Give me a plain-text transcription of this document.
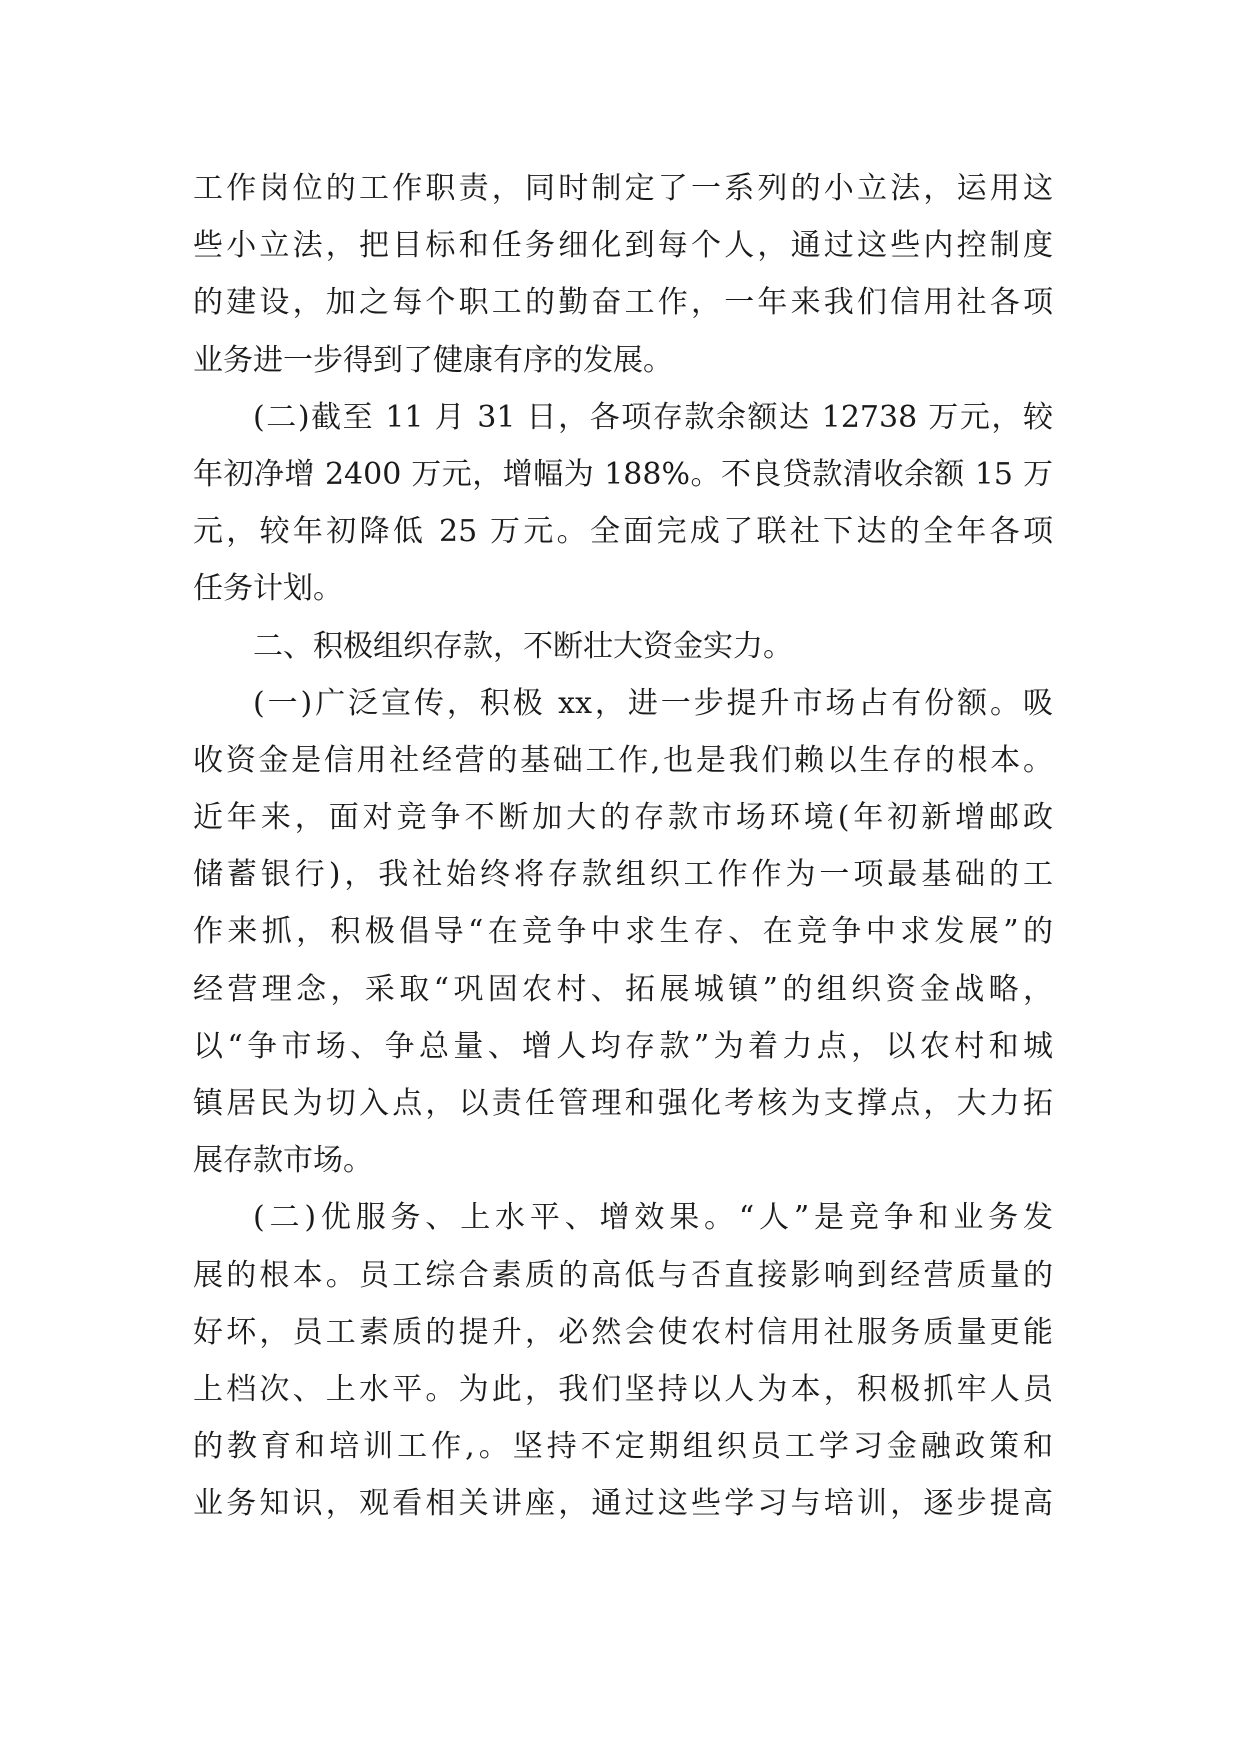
工作岗位的工作职责，同时制定了一系列的小立法，运用这
些小立法，把目标和任务细化到每个人，通过这些内控制度
的建设，加之每个职工的勤奋工作，一年来我们信用社各项
业务进一步得到了健康有序的发展。
(二)截至 11 月 31 日，各项存款余额达 12738 万元，较
年初净增 2400 万元，增幅为 188%。不良贷款清收余额 15 万
元，较年初降低 25 万元。全面完成了联社下达的全年各项
任务计划。
二、积极组织存款，不断壮大资金实力。
(一)广泛宣传，积极 xx，进一步提升市场占有份额。吸
收资金是信用社经营的基础工作,也是我们赖以生存的根本。
近年来，面对竞争不断加大的存款市场环境(年初新增邮政
储蓄银行)，我社始终将存款组织工作作为一项最基础的工
作来抓，积极倡导“在竞争中求生存、在竞争中求发展”的
经营理念，采取“巩固农村、拓展城镇”的组织资金战略，
以“争市场、争总量、增人均存款”为着力点，以农村和城
镇居民为切入点，以责任管理和强化考核为支撑点，大力拓
展存款市场。
(二)优服务、上水平、增效果。“人”是竞争和业务发
展的根本。员工综合素质的高低与否直接影响到经营质量的
好坏，员工素质的提升，必然会使农村信用社服务质量更能
上档次、上水平。为此，我们坚持以人为本，积极抓牢人员
的教育和培训工作,。坚持不定期组织员工学习金融政策和
业务知识，观看相关讲座，通过这些学习与培训，逐步提高
